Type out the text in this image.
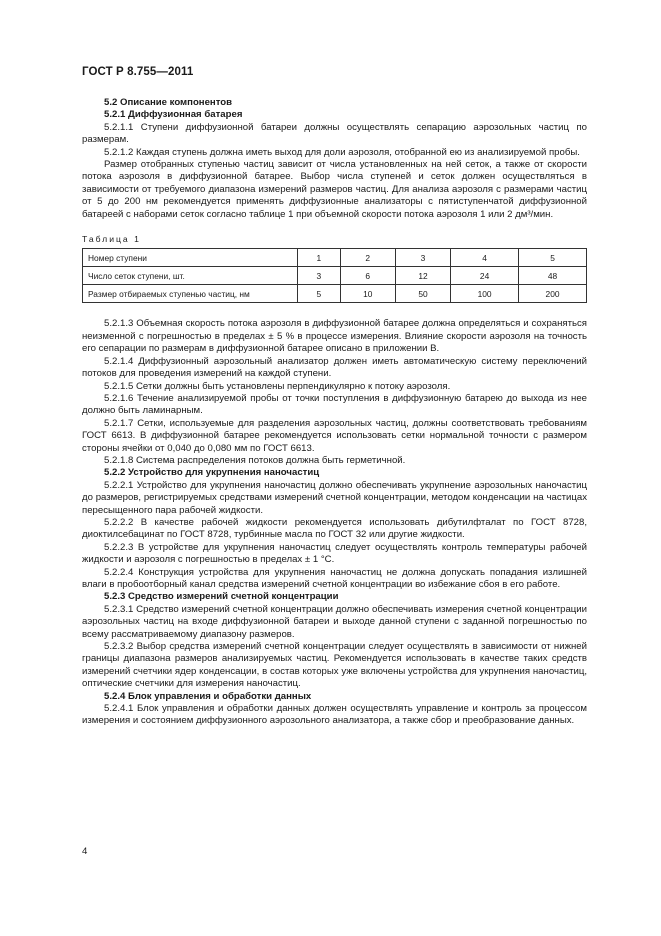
ГОСТ Р 8.755—2011

5.2 Описание компонентов

5.2.1 Диффузионная батарея

5.2.1.1 Ступени диффузионной батареи должны осуществлять сепарацию аэрозольных частиц по размерам.

5.2.1.2 Каждая ступень должна иметь выход для доли аэрозоля, отобранной ею из анализируемой пробы.

Размер отобранных ступенью частиц зависит от числа установленных на ней сеток, а также от скорости потока аэрозоля в диффузионной батарее. Выбор числа ступеней и сеток должен осуществляться в зависимости от требуемого диапазона измерений размеров частиц. Для анализа аэрозоля с размерами частиц от 5 до 200 нм рекомендуется применять диффузионные анализаторы с пятиступенчатой диффузионной батареей с наборами сеток согласно таблице 1 при объемной скорости потока аэрозоля 1 или 2 дм³/мин.

Таблица 1
Номер ступени	1	2	3	4	5
Число сеток ступени, шт.	3	6	12	24	48
Размер отбираемых ступенью частиц, нм	5	10	50	100	200

5.2.1.3 Объемная скорость потока аэрозоля в диффузионной батарее должна определяться и сохраняться неизменной с погрешностью в пределах ± 5 % в процессе измерения. Влияние скорости аэрозоля на точность его сепарации по размерам в диффузионной батарее описано в приложении В.

5.2.1.4 Диффузионный аэрозольный анализатор должен иметь автоматическую систему переключений потоков для проведения измерений на каждой ступени.

5.2.1.5 Сетки должны быть установлены перпендикулярно к потоку аэрозоля.

5.2.1.6 Течение анализируемой пробы от точки поступления в диффузионную батарею до выхода из нее должно быть ламинарным.

5.2.1.7 Сетки, используемые для разделения аэрозольных частиц, должны соответствовать требованиям ГОСТ 6613. В диффузионной батарее рекомендуется использовать сетки нормальной точности с размером стороны ячейки от 0,040 до 0,080 мм по ГОСТ 6613.

5.2.1.8 Система распределения потоков должна быть герметичной.

5.2.2 Устройство для укрупнения наночастиц

5.2.2.1 Устройство для укрупнения наночастиц должно обеспечивать укрупнение аэрозольных наночастиц до размеров, регистрируемых средствами измерений счетной концентрации, методом конденсации на частицах пересыщенного пара рабочей жидкости.

5.2.2.2 В качестве рабочей жидкости рекомендуется использовать дибутилфталат по ГОСТ 8728, диоктилсебацинат по ГОСТ 8728, турбинные масла по ГОСТ 32 или другие жидкости.

5.2.2.3 В устройстве для укрупнения наночастиц следует осуществлять контроль температуры рабочей жидкости и аэрозоля с погрешностью в пределах ± 1 °С.

5.2.2.4 Конструкция устройства для укрупнения наночастиц не должна допускать попадания излишней влаги в пробоотборный канал средства измерений счетной концентрации во избежание сбоя в его работе.

5.2.3 Средство измерений счетной концентрации

5.2.3.1 Средство измерений счетной концентрации должно обеспечивать измерения счетной концентрации аэрозольных частиц на входе диффузионной батареи и выходе данной ступени с заданной погрешностью по всему рассматриваемому диапазону размеров.

5.2.3.2 Выбор средства измерений счетной концентрации следует осуществлять в зависимости от нижней границы диапазона размеров анализируемых частиц. Рекомендуется использовать в качестве таких средств измерений счетчики ядер конденсации, в состав которых уже включены устройства для укрупнения наночастиц, оптические счетчики для измерения наночастиц.

5.2.4 Блок управления и обработки данных

5.2.4.1 Блок управления и обработки данных должен осуществлять управление и контроль за процессом измерения и состоянием диффузионного аэрозольного анализатора, а также сбор и преобразование данных.

4
